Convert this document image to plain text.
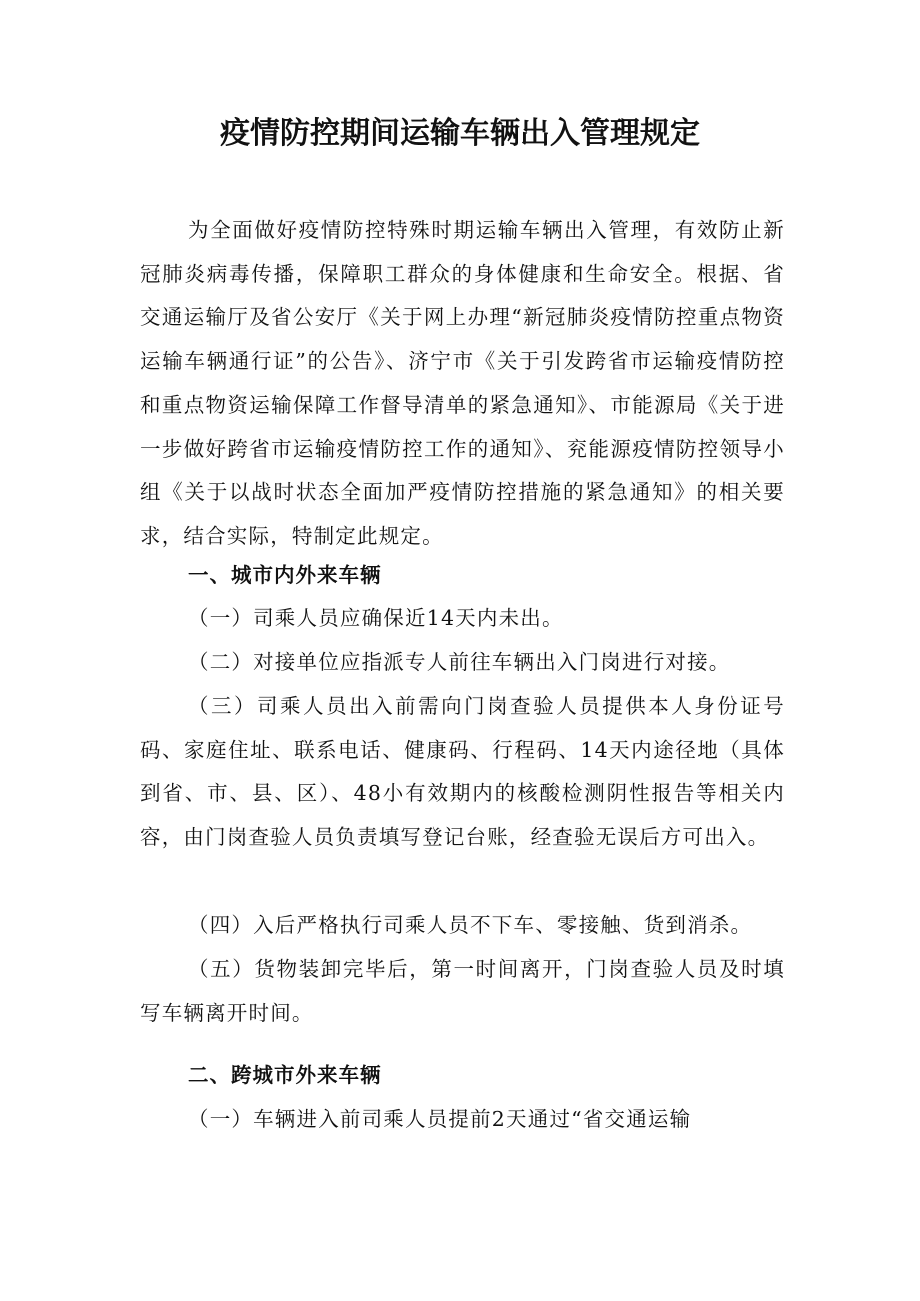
疫情防控期间运输车辆出入管理规定

为全面做好疫情防控特殊时期运输车辆出入管理，有效防止新冠肺炎病毒传播，保障职工群众的身体健康和生命安全。根据、省交通运输厅及省公安厅《关于网上办理“新冠肺炎疫情防控重点物资运输车辆通行证”的公告》、济宁市《关于引发跨省市运输疫情防控和重点物资运输保障工作督导清单的紧急通知》、市能源局《关于进一步做好跨省市运输疫情防控工作的通知》、兖能源疫情防控领导小组《关于以战时状态全面加严疫情防控措施的紧急通知》的相关要求，结合实际，特制定此规定。

一、城市内外来车辆

（一）司乘人员应确保近14天内未出。

（二）对接单位应指派专人前往车辆出入门岗进行对接。

（三）司乘人员出入前需向门岗查验人员提供本人身份证号码、家庭住址、联系电话、健康码、行程码、14天内途径地（具体到省、市、县、区）、48小有效期内的核酸检测阴性报告等相关内容，由门岗查验人员负责填写登记台账，经查验无误后方可出入。

（四）入后严格执行司乘人员不下车、零接触、货到消杀。

（五）货物装卸完毕后，第一时间离开，门岗查验人员及时填写车辆离开时间。

二、跨城市外来车辆

（一）车辆进入前司乘人员提前2天通过“省交通运输
